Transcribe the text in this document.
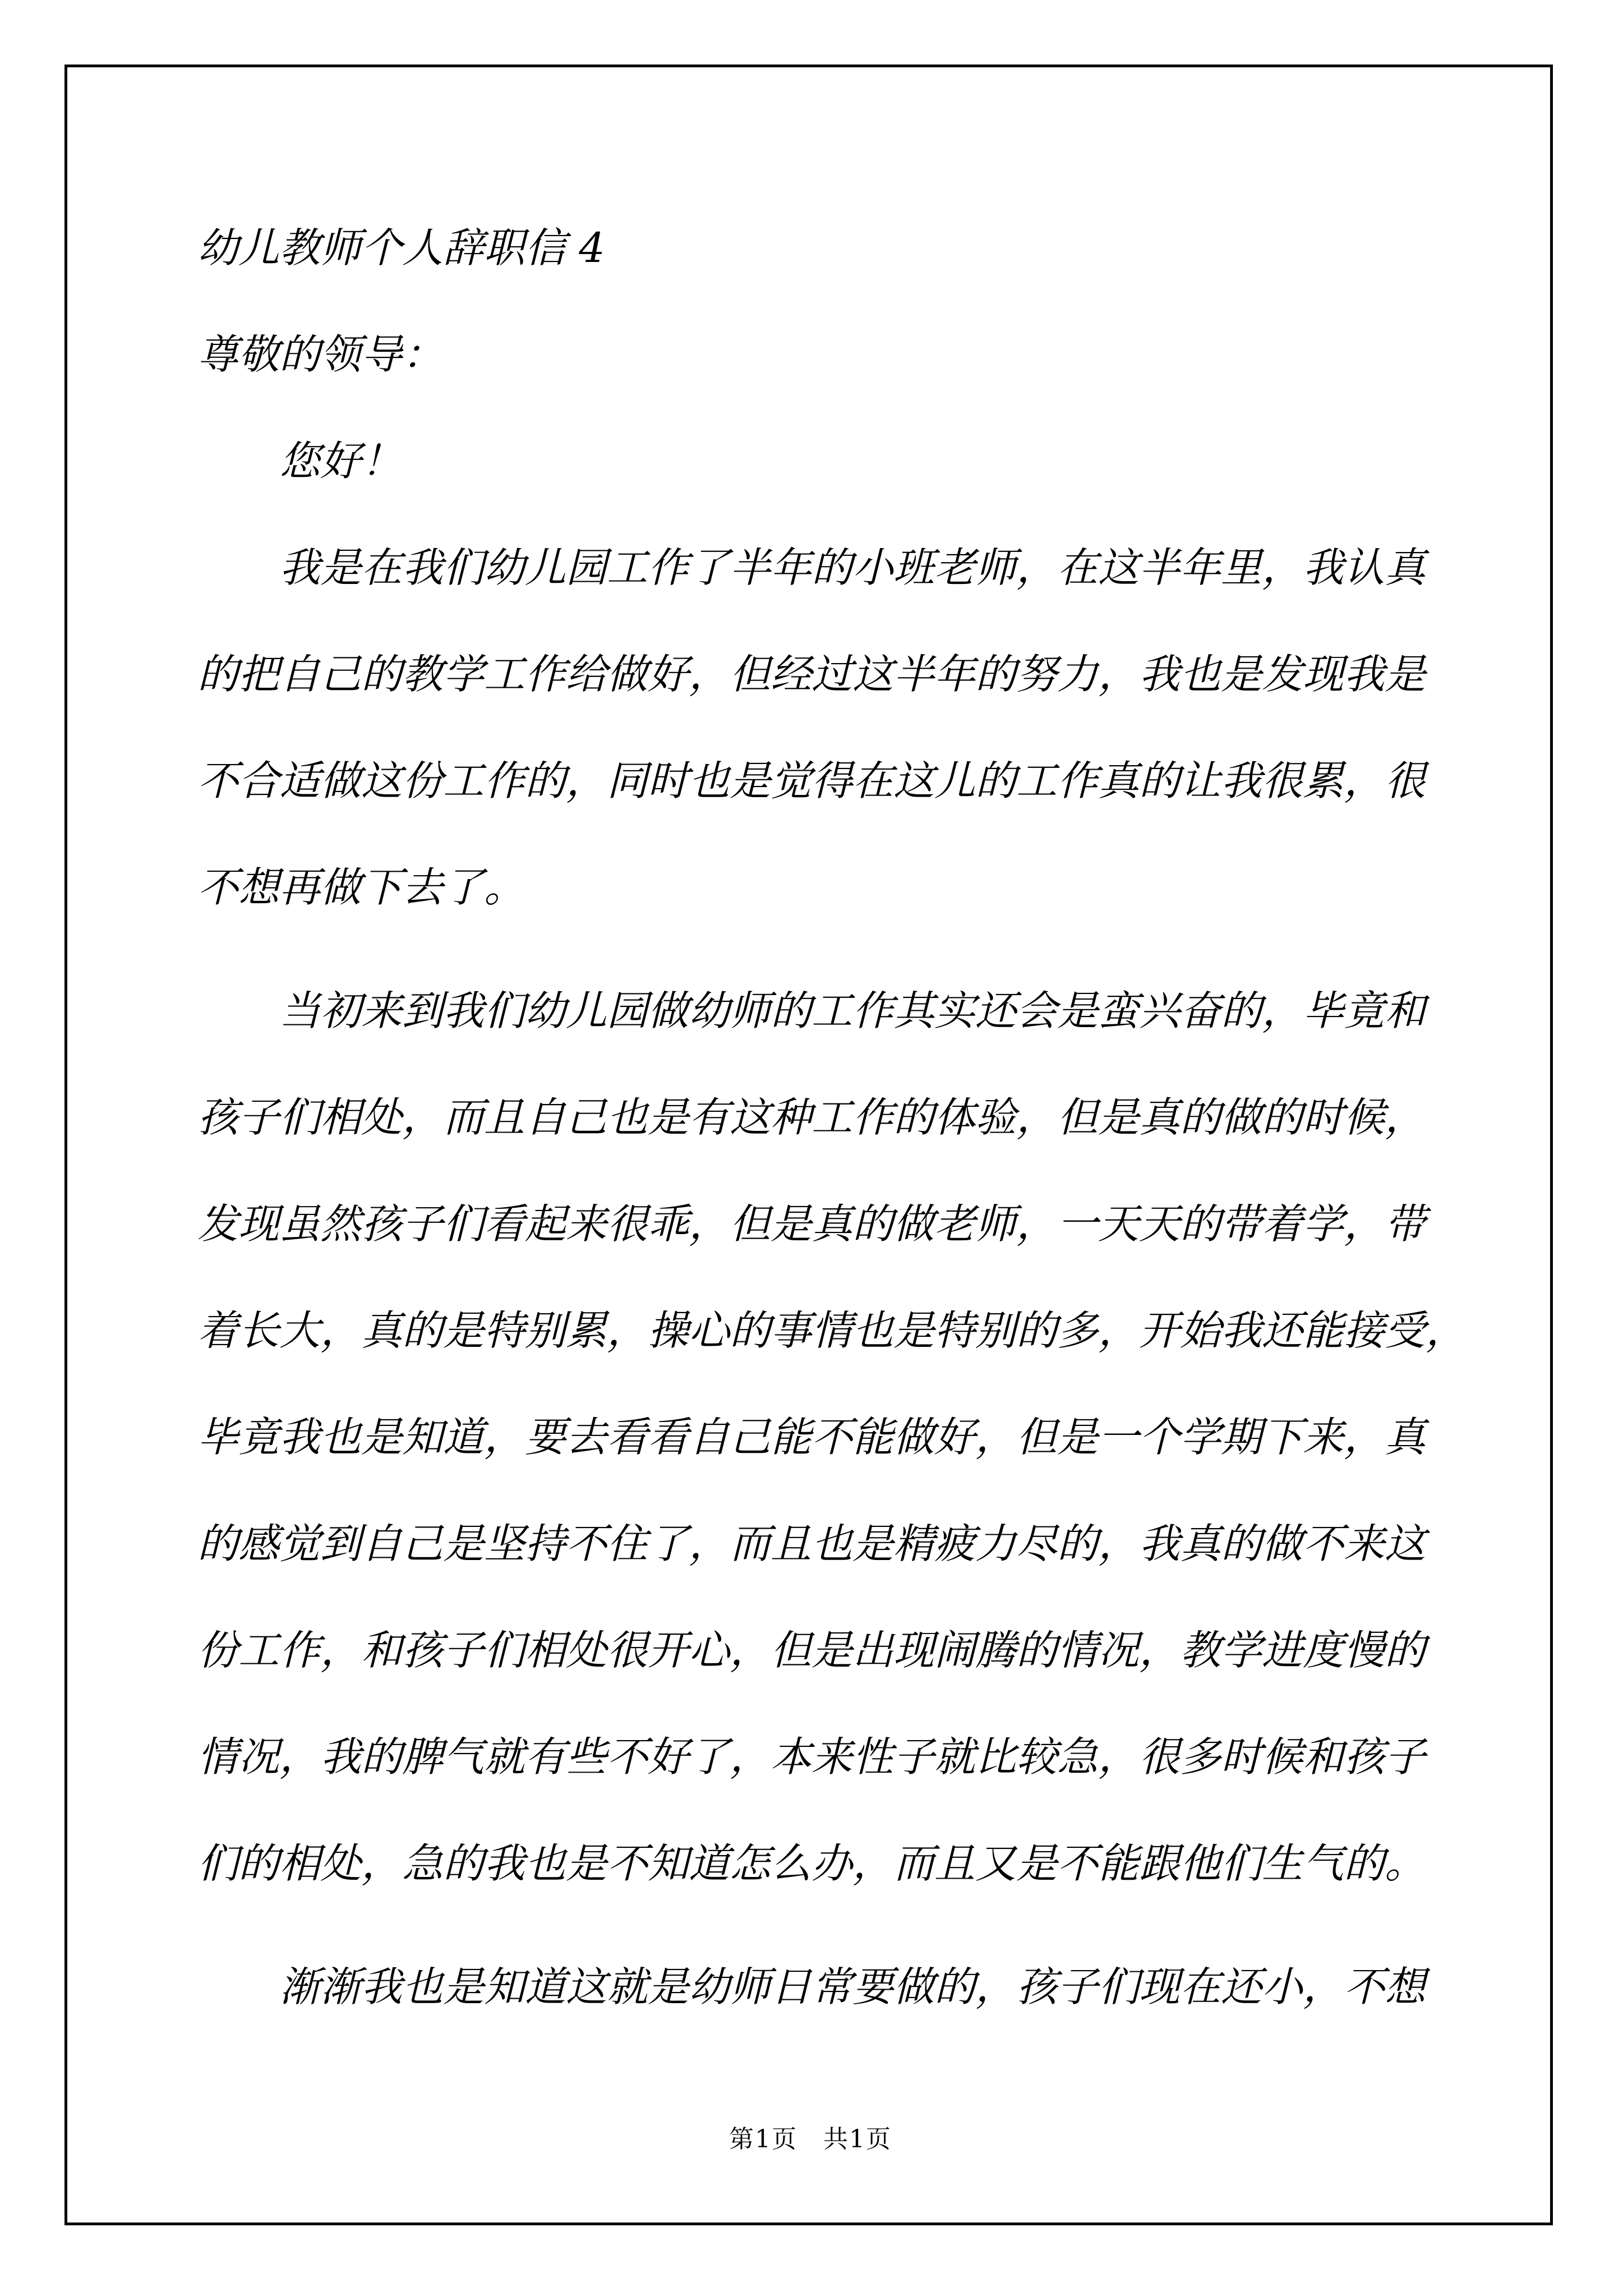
幼儿教师个人辞职信 4
尊敬的领导：
您好！
我是在我们幼儿园工作了半年的小班老师，在这半年里，我认真
的把自己的教学工作给做好，但经过这半年的努力，我也是发现我是
不合适做这份工作的，同时也是觉得在这儿的工作真的让我很累，很
不想再做下去了。
当初来到我们幼儿园做幼师的工作其实还会是蛮兴奋的，毕竟和
孩子们相处，而且自己也是有这种工作的体验，但是真的做的时候，
发现虽然孩子们看起来很乖，但是真的做老师，一天天的带着学，带
着长大，真的是特别累，操心的事情也是特别的多，开始我还能接受，
毕竟我也是知道，要去看看自己能不能做好，但是一个学期下来，真
的感觉到自己是坚持不住了，而且也是精疲力尽的，我真的做不来这
份工作，和孩子们相处很开心，但是出现闹腾的情况，教学进度慢的
情况，我的脾气就有些不好了，本来性子就比较急，很多时候和孩子
们的相处，急的我也是不知道怎么办，而且又是不能跟他们生气的。
渐渐我也是知道这就是幼师日常要做的，孩子们现在还小，不想
第1页　共1页
